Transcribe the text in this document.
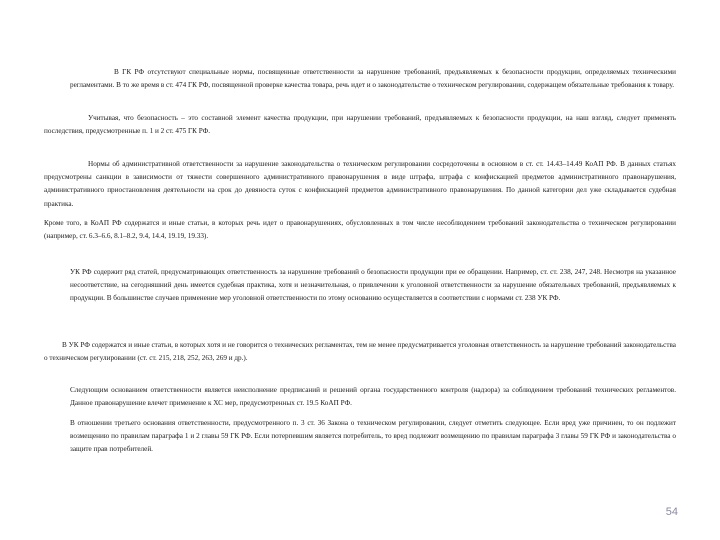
В ГК РФ отсутствуют специальные нормы, посвященные ответственности за нарушение требований, предъявляемых к безопасности продукции, определяемых техническими регламентами. В то же время в ст. 474 ГК РФ, посвященной проверке качества товара, речь идет и о законодательстве о техническом регулировании, содержащем обязательные требования к товару.

Учитывая, что безопасность – это составной элемент качества продукции, при нарушении требований, предъявляемых к безопасности продукции, на наш взгляд, следует применять последствия, предусмотренные п. 1 и 2 ст. 475 ГК РФ.

Нормы об административной ответственности за нарушение законодательства о техническом регулировании сосредоточены в основном в ст. ст. 14.43–14.49 КоАП РФ. В данных статьях предусмотрены санкции в зависимости от тяжести совершенного административного правонарушения в виде штрафа, штрафа с конфискацией предметов административного правонарушения, административного приостановления деятельности на срок до девяноста суток с конфискацией предметов административного правонарушения. По данной категории дел уже складывается судебная практика.

Кроме того, в КоАП РФ содержатся и иные статьи, в которых речь идет о правонарушениях, обусловленных в том числе несоблюдением требований законодательства о техническом регулировании (например, ст. 6.3–6.6, 8.1–8.2, 9.4, 14.4, 19.19, 19.33).

УК РФ содержит ряд статей, предусматривающих ответственность за нарушение требований о безопасности продукции при ее обращении. Например, ст. ст. 238, 247, 248. Несмотря на указанное несоответствие, на сегодняшний день имеется судебная практика, хотя и незначительная, о привлечении к уголовной ответственности за нарушение обязательных требований, предъявляемых к продукции. В большинстве случаев применение мер уголовной ответственности по этому основанию осуществляется в соответствии с нормами ст. 238 УК РФ.

В УК РФ содержатся и иные статьи, в которых хотя и не говорится о технических регламентах, тем не менее предусматривается уголовная ответственность за нарушение требований законодательства о техническом регулировании (ст. ст. 215, 218, 252, 263, 269 и др.).

Следующим основанием ответственности является неисполнение предписаний и решений органа государственного контроля (надзора) за соблюдением требований технических регламентов. Данное правонарушение влечет применение к ХС мер, предусмотренных ст. 19.5 КоАП РФ.

В отношении третьего основания ответственности, предусмотренного п. 3 ст. 36 Закона о техническом регулировании, следует отметить следующее. Если вред уже причинен, то он подлежит возмещению по правилам параграфа 1 и 2 главы 59 ГК РФ. Если потерпевшим является потребитель, то вред подлежит возмещению по правилам параграфа 3 главы 59 ГК РФ и законодательства о защите прав потребителей.

54
